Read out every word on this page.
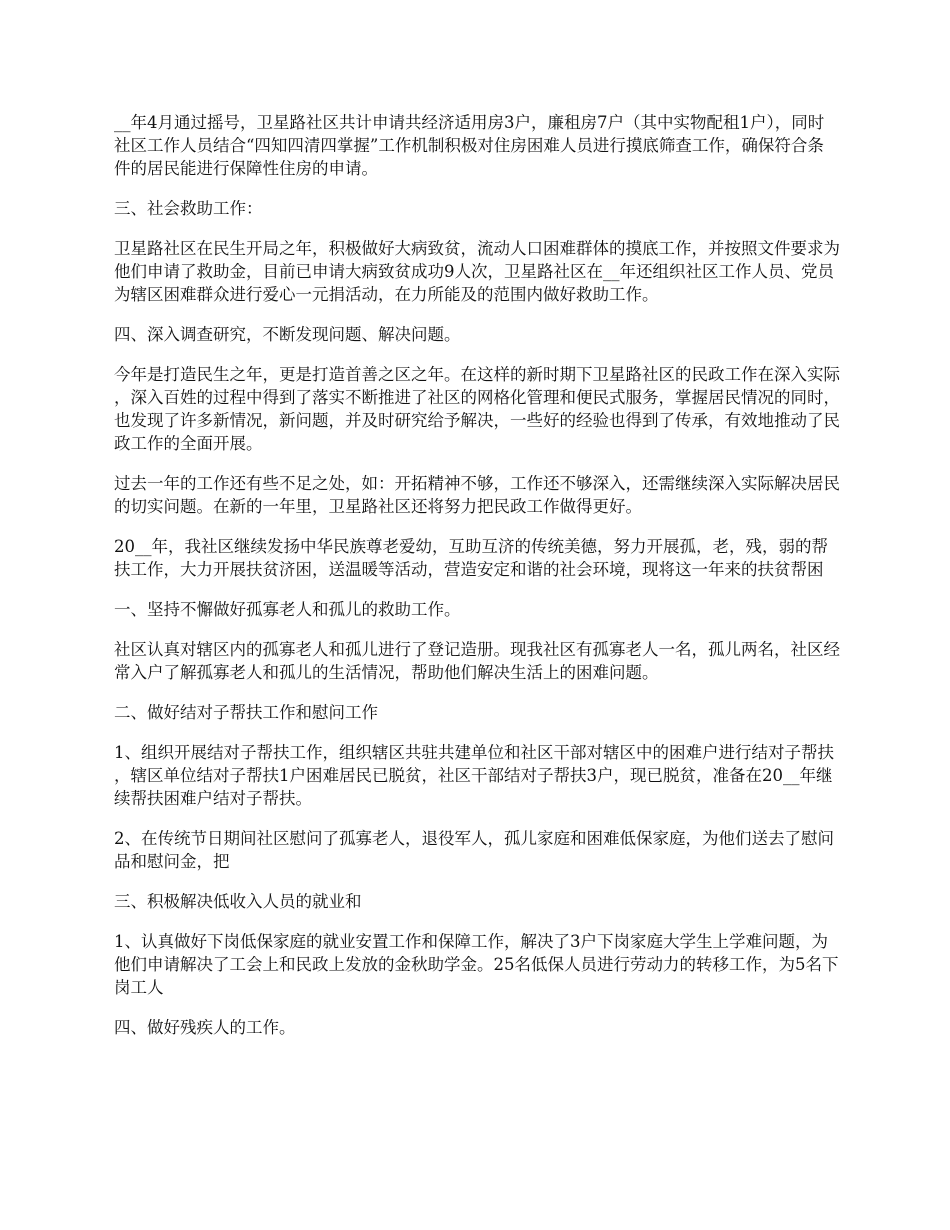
__年4月通过摇号，卫星路社区共计申请共经济适用房3户，廉租房7户（其中实物配租1户），同时社区工作人员结合“四知四清四掌握”工作机制积极对住房困难人员进行摸底筛查工作，确保符合条件的居民能进行保障性住房的申请。

三、社会救助工作：

卫星路社区在民生开局之年，积极做好大病致贫，流动人口困难群体的摸底工作，并按照文件要求为他们申请了救助金，目前已申请大病致贫成功9人次，卫星路社区在__年还组织社区工作人员、党员为辖区困难群众进行爱心一元捐活动，在力所能及的范围内做好救助工作。

四、深入调查研究，不断发现问题、解决问题。

今年是打造民生之年，更是打造首善之区之年。在这样的新时期下卫星路社区的民政工作在深入实际，深入百姓的过程中得到了落实不断推进了社区的网格化管理和便民式服务，掌握居民情况的同时，也发现了许多新情况，新问题，并及时研究给予解决，一些好的经验也得到了传承，有效地推动了民政工作的全面开展。

过去一年的工作还有些不足之处，如：开拓精神不够，工作还不够深入，还需继续深入实际解决居民的切实问题。在新的一年里，卫星路社区还将努力把民政工作做得更好。

20__年，我社区继续发扬中华民族尊老爱幼，互助互济的传统美德，努力开展孤，老，残，弱的帮扶工作，大力开展扶贫济困，送温暖等活动，营造安定和谐的社会环境，现将这一年来的扶贫帮困

一、坚持不懈做好孤寡老人和孤儿的救助工作。

社区认真对辖区内的孤寡老人和孤儿进行了登记造册。现我社区有孤寡老人一名，孤儿两名，社区经常入户了解孤寡老人和孤儿的生活情况，帮助他们解决生活上的困难问题。

二、做好结对子帮扶工作和慰问工作

1、组织开展结对子帮扶工作，组织辖区共驻共建单位和社区干部对辖区中的困难户进行结对子帮扶，辖区单位结对子帮扶1户困难居民已脱贫，社区干部结对子帮扶3户，现已脱贫，准备在20__年继续帮扶困难户结对子帮扶。

2、在传统节日期间社区慰问了孤寡老人，退役军人，孤儿家庭和困难低保家庭，为他们送去了慰问品和慰问金，把

三、积极解决低收入人员的就业和

1、认真做好下岗低保家庭的就业安置工作和保障工作，解决了3户下岗家庭大学生上学难问题，为他们申请解决了工会上和民政上发放的金秋助学金。25名低保人员进行劳动力的转移工作，为5名下岗工人

四、做好残疾人的工作。
